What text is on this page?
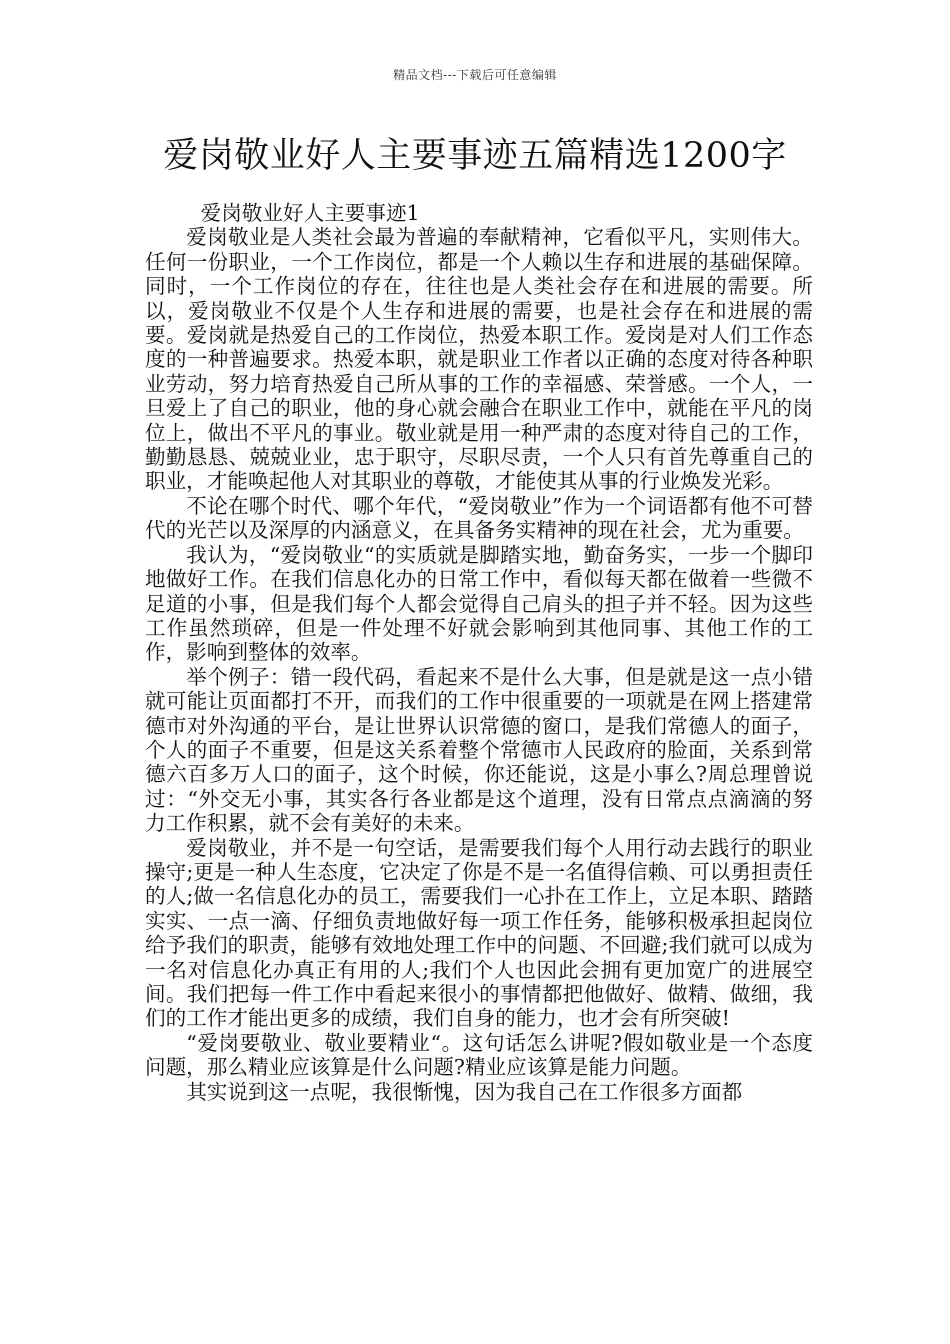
精品文档---下载后可任意编辑
爱岗敬业好人主要事迹五篇精选1200字

爱岗敬业好人主要事迹1

爱岗敬业是人类社会最为普遍的奉献精神，它看似平凡，实则伟大。任何一份职业，一个工作岗位，都是一个人赖以生存和进展的基础保障。同时，一个工作岗位的存在，往往也是人类社会存在和进展的需要。所以，爱岗敬业不仅是个人生存和进展的需要，也是社会存在和进展的需要。爱岗就是热爱自己的工作岗位，热爱本职工作。爱岗是对人们工作态度的一种普遍要求。热爱本职，就是职业工作者以正确的态度对待各种职业劳动，努力培育热爱自己所从事的工作的幸福感、荣誉感。一个人，一旦爱上了自己的职业，他的身心就会融合在职业工作中，就能在平凡的岗位上，做出不平凡的事业。敬业就是用一种严肃的态度对待自己的工作，勤勤恳恳、兢兢业业，忠于职守，尽职尽责，一个人只有首先尊重自己的职业，才能唤起他人对其职业的尊敬，才能使其从事的行业焕发光彩。

不论在哪个时代、哪个年代，“爱岗敬业”作为一个词语都有他不可替代的光芒以及深厚的内涵意义，在具备务实精神的现在社会，尤为重要。

我认为，“爱岗敬业“的实质就是脚踏实地，勤奋务实，一步一个脚印地做好工作。在我们信息化办的日常工作中，看似每天都在做着一些微不足道的小事，但是我们每个人都会觉得自己肩头的担子并不轻。因为这些工作虽然琐碎，但是一件处理不好就会影响到其他同事、其他工作的工作，影响到整体的效率。

举个例子：错一段代码，看起来不是什么大事，但是就是这一点小错就可能让页面都打不开，而我们的工作中很重要的一项就是在网上搭建常德市对外沟通的平台，是让世界认识常德的窗口，是我们常德人的面子，个人的面子不重要，但是这关系着整个常德市人民政府的脸面，关系到常德六百多万人口的面子，这个时候，你还能说，这是小事么?周总理曾说过：“外交无小事，其实各行各业都是这个道理，没有日常点点滴滴的努力工作积累，就不会有美好的未来。

爱岗敬业，并不是一句空话，是需要我们每个人用行动去践行的职业操守;更是一种人生态度，它决定了你是不是一名值得信赖、可以勇担责任的人;做一名信息化办的员工，需要我们一心扑在工作上，立足本职、踏踏实实、一点一滴、仔细负责地做好每一项工作任务，能够积极承担起岗位给予我们的职责，能够有效地处理工作中的问题、不回避;我们就可以成为一名对信息化办真正有用的人;我们个人也因此会拥有更加宽广的进展空间。我们把每一件工作中看起来很小的事情都把他做好、做精、做细，我们的工作才能出更多的成绩，我们自身的能力，也才会有所突破!

“爱岗要敬业、敬业要精业“。这句话怎么讲呢?假如敬业是一个态度问题，那么精业应该算是什么问题?精业应该算是能力问题。

其实说到这一点呢，我很惭愧，因为我自己在工作很多方面都
